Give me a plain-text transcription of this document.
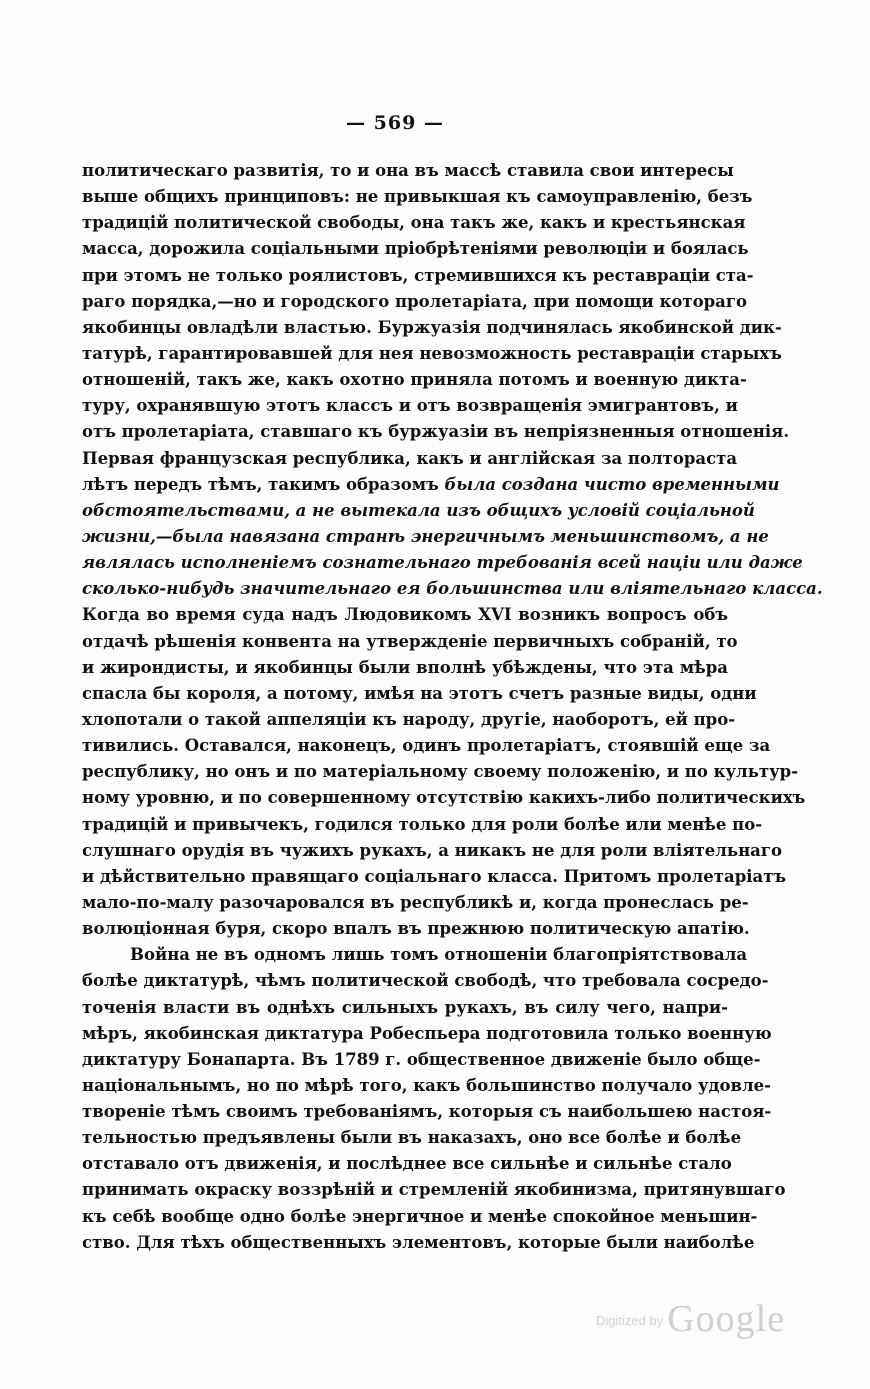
— 569 —
политическаго развитія, то и она въ массѣ ставила свои интересы
выше общихъ принциповъ: не привыкшая къ самоуправленію, безъ
традицій политической свободы, она такъ же, какъ и крестьянская
масса, дорожила соціальными пріобрѣтеніями революціи и боялась
при этомъ не только роялистовъ, стремившихся къ реставраціи ста-
раго порядка,—но и городского пролетаріата, при помощи котораго
якобинцы овладѣли властью. Буржуазія подчинялась якобинской дик-
татурѣ, гарантировавшей для нея невозможность реставраціи старыхъ
отношеній, такъ же, какъ охотно приняла потомъ и военную дикта-
туру, охранявшую этотъ классъ и отъ возвращенія эмигрантовъ, и
отъ пролетаріата, ставшаго къ буржуазіи въ непріязненныя отношенія.
Первая французская республика, какъ и англійская за полтораста
лѣтъ передъ тѣмъ, такимъ образомъ была создана чисто временными
обстоятельствами, а не вытекала изъ общихъ условій соціальной
жизни,—была навязана странѣ энергичнымъ меньшинствомъ, а не
являлась исполненіемъ сознательнаго требованія всей націи или даже
сколько-нибудь значительнаго ея большинства или вліятельнаго класса.
Когда во время суда надъ Людовикомъ XVI возникъ вопросъ объ
отдачѣ рѣшенія конвента на утвержденіе первичныхъ собраній, то
и жирондисты, и якобинцы были вполнѣ убѣждены, что эта мѣра
спасла бы короля, а потому, имѣя на этотъ счетъ разные виды, одни
хлопотали о такой аппеляціи къ народу, другіе, наоборотъ, ей про-
тивились. Оставался, наконецъ, одинъ пролетаріатъ, стоявшій еще за
республику, но онъ и по матеріальному своему положенію, и по культур-
ному уровню, и по совершенному отсутствію какихъ-либо политическихъ
традицій и привычекъ, годился только для роли болѣе или менѣе по-
слушнаго орудія въ чужихъ рукахъ, а никакъ не для роли вліятельнаго
и дѣйствительно правящаго соціальнаго класса. Притомъ пролетаріатъ
мало-по-малу разочаровался въ республикѣ и, когда пронеслась ре-
волюціонная буря, скоро впалъ въ прежнюю политическую апатію.
Война не въ одномъ лишь томъ отношеніи благопріятствовала
болѣе диктатурѣ, чѣмъ политической свободѣ, что требовала сосредо-
точенія власти въ однѣхъ сильныхъ рукахъ, въ силу чего, напри-
мѣръ, якобинская диктатура Робеспьера подготовила только военную
диктатуру Бонапарта. Въ 1789 г. общественное движеніе было обще-
національнымъ, но по мѣрѣ того, какъ большинство получало удовле-
твореніе тѣмъ своимъ требованіямъ, которыя съ наибольшею настоя-
тельностью предъявлены были въ наказахъ, оно все болѣе и болѣе
отставало отъ движенія, и послѣднее все сильнѣе и сильнѣе стало
принимать окраску воззрѣній и стремленій якобинизма, притянувшаго
къ себѣ вообще одно болѣе энергичное и менѣе спокойное меньшин-
ство. Для тѣхъ общественныхъ элементовъ, которые были наиболѣе
$^{Digitized by}$ Google
